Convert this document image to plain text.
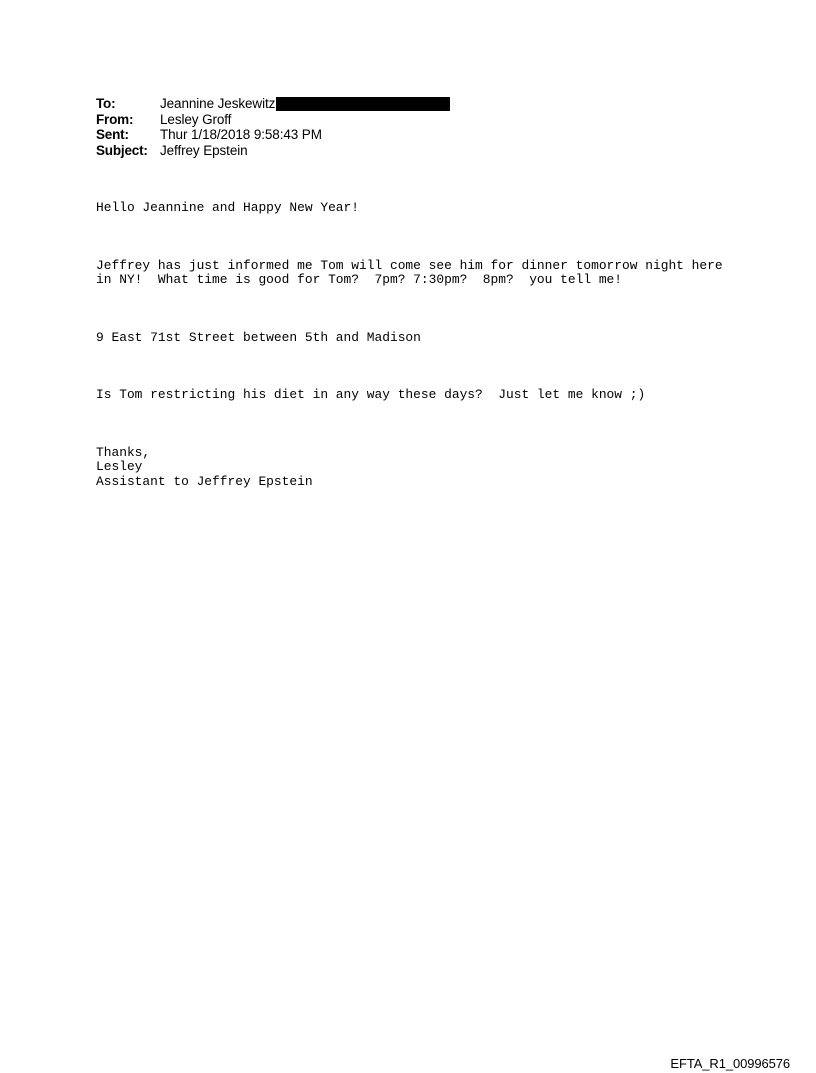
To:	Jeannine Jeskewitz
From:	Lesley Groff
Sent:	Thur 1/18/2018 9:58:43 PM
Subject: Jeffrey Epstein

Hello Jeannine and Happy New Year!

Jeffrey has just informed me Tom will come see him for dinner tomorrow night here
in NY!  What time is good for Tom?  7pm? 7:30pm?  8pm?  you tell me!

9 East 71st Street between 5th and Madison

Is Tom restricting his diet in any way these days?  Just let me know ;)

Thanks,
Lesley
Assistant to Jeffrey Epstein

EFTA_R1_00996576
